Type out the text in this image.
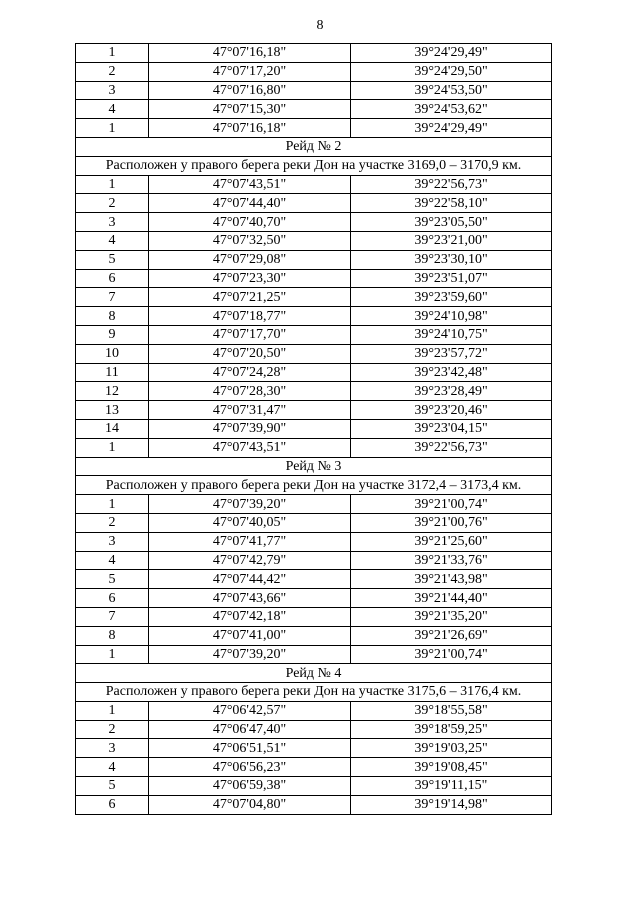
8
1	47°07'16,18"	39°24'29,49"
2	47°07'17,20"	39°24'29,50"
3	47°07'16,80"	39°24'53,50"
4	47°07'15,30"	39°24'53,62"
1	47°07'16,18"	39°24'29,49"
Рейд № 2		
Расположен у правого берега реки Дон на участке 3169,0 – 3170,9 км.		
1	47°07'43,51"	39°22'56,73"
2	47°07'44,40"	39°22'58,10"
3	47°07'40,70"	39°23'05,50"
4	47°07'32,50"	39°23'21,00"
5	47°07'29,08"	39°23'30,10"
6	47°07'23,30"	39°23'51,07"
7	47°07'21,25"	39°23'59,60"
8	47°07'18,77"	39°24'10,98"
9	47°07'17,70"	39°24'10,75"
10	47°07'20,50"	39°23'57,72"
11	47°07'24,28"	39°23'42,48"
12	47°07'28,30"	39°23'28,49"
13	47°07'31,47"	39°23'20,46"
14	47°07'39,90"	39°23'04,15"
1	47°07'43,51"	39°22'56,73"
Рейд № 3		
Расположен у правого берега реки Дон на участке 3172,4 – 3173,4 км.		
1	47°07'39,20"	39°21'00,74"
2	47°07'40,05"	39°21'00,76"
3	47°07'41,77"	39°21'25,60"
4	47°07'42,79"	39°21'33,76"
5	47°07'44,42"	39°21'43,98"
6	47°07'43,66"	39°21'44,40"
7	47°07'42,18"	39°21'35,20"
8	47°07'41,00"	39°21'26,69"
1	47°07'39,20"	39°21'00,74"
Рейд № 4		
Расположен у правого берега реки Дон на участке 3175,6 – 3176,4 км.		
1	47°06'42,57"	39°18'55,58"
2	47°06'47,40"	39°18'59,25"
3	47°06'51,51"	39°19'03,25"
4	47°06'56,23"	39°19'08,45"
5	47°06'59,38"	39°19'11,15"
6	47°07'04,80"	39°19'14,98"
